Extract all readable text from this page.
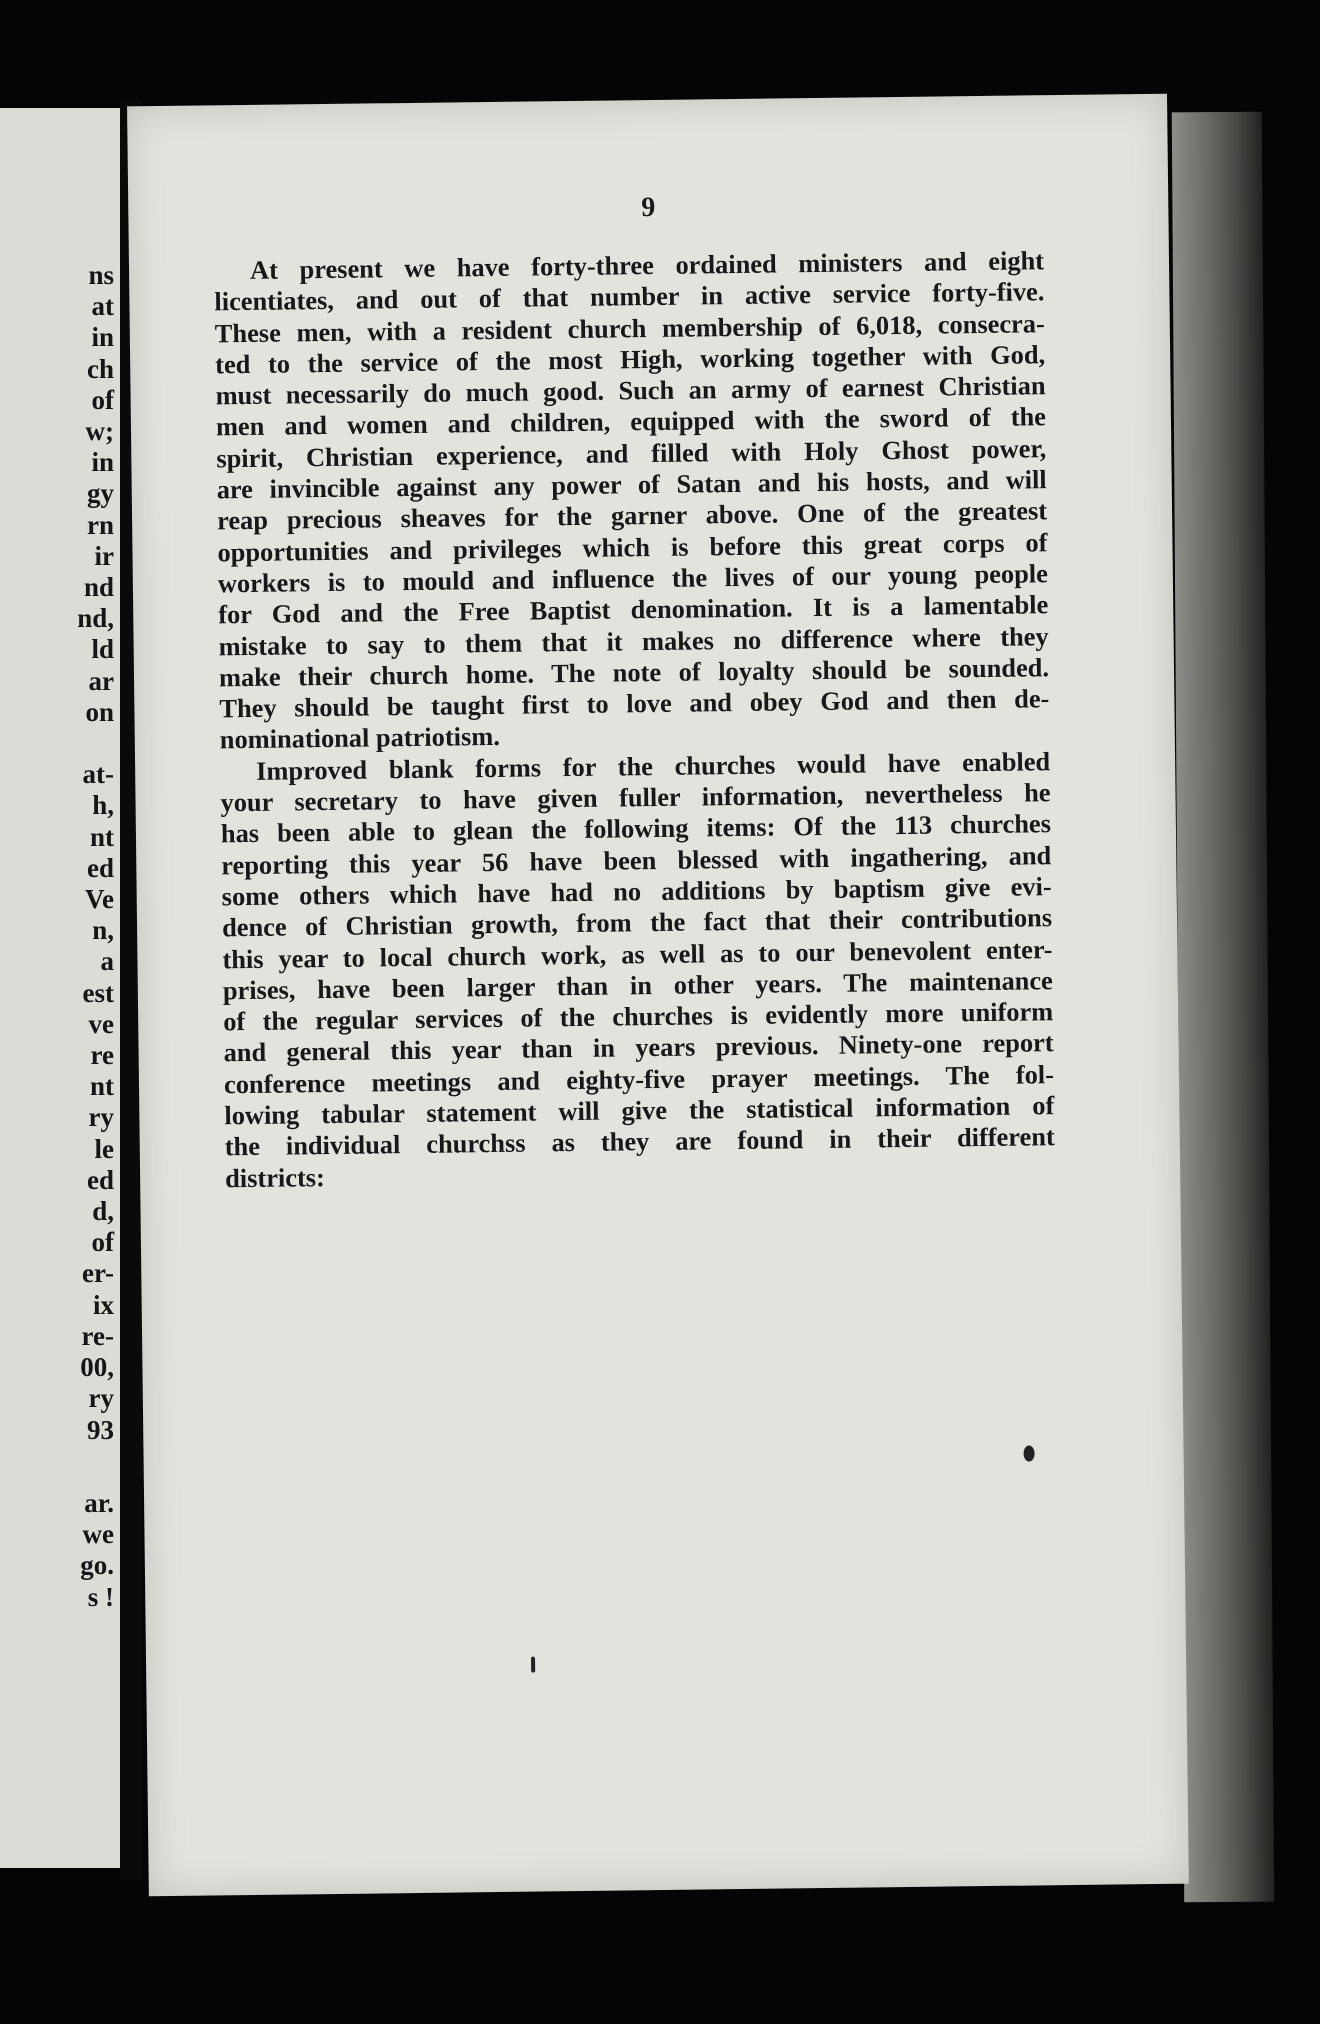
ns
at
in
ch
of
w;
in
gy
rn
ir
nd
nd,
ld
ar
on
at-
h,
nt
ed
Ve
n,
a
est
ve
re
nt
ry
le
ed
d,
of
er-
ix
re-
00,
ry
93
ar.
we
go.
s !
9
At present we have forty-three ordained ministers and eight
licentiates, and out of that number in active service forty-five.
These men, with a resident church membership of 6,018, consecra-
ted to the service of the most High, working together with God,
must necessarily do much good. Such an army of earnest Christian
men and women and children, equipped with the sword of the
spirit, Christian experience, and filled with Holy Ghost power,
are invincible against any power of Satan and his hosts, and will
reap precious sheaves for the garner above. One of the greatest
opportunities and privileges which is before this great corps of
workers is to mould and influence the lives of our young people
for God and the Free Baptist denomination. It is a lamentable
mistake to say to them that it makes no difference where they
make their church home. The note of loyalty should be sounded.
They should be taught first to love and obey God and then de-
nominational patriotism.
Improved blank forms for the churches would have enabled
your secretary to have given fuller information, nevertheless he
has been able to glean the following items: Of the 113 churches
reporting this year 56 have been blessed with ingathering, and
some others which have had no additions by baptism give evi-
dence of Christian growth, from the fact that their contributions
this year to local church work, as well as to our benevolent enter-
prises, have been larger than in other years. The maintenance
of the regular services of the churches is evidently more uniform
and general this year than in years previous. Ninety-one report
conference meetings and eighty-five prayer meetings. The fol-
lowing tabular statement will give the statistical information of
the individual churchss as they are found in their different
districts:
